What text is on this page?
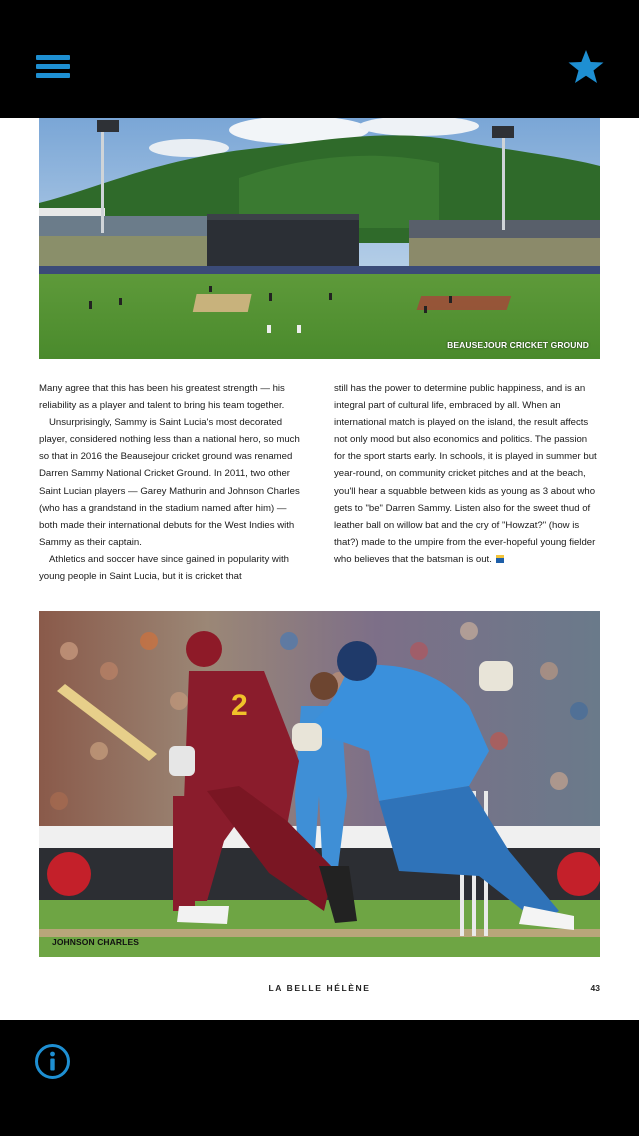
BEAUSEJOUR CRICKET GROUND

Many agree that this has been his greatest strength — his reliability as a player and talent to bring his team together.

Unsurprisingly, Sammy is Saint Lucia's most decorated player, considered nothing less than a national hero, so much so that in 2016 the Beausejour cricket ground was renamed Darren Sammy National Cricket Ground. In 2011, two other Saint Lucian players — Garey Mathurin and Johnson Charles (who has a grandstand in the stadium named after him) — both made their international debuts for the West Indies with Sammy as their captain.

Athletics and soccer have since gained in popularity with young people in Saint Lucia, but it is cricket that

still has the power to determine public happiness, and is an integral part of cultural life, embraced by all. When an international match is played on the island, the result affects not only mood but also economics and politics. The passion for the sport starts early. In schools, it is played in summer but year-round, on community cricket pitches and at the beach, you'll hear a squabble between kids as young as 3 about who gets to "be" Darren Sammy. Listen also for the sweet thud of leather ball on willow bat and the cry of "Howzat?" (how is that?) made to the umpire from the ever-hopeful young fielder who believes that the batsman is out.

2
JOHNSON CHARLES
LA BELLE HÉLÈNE	43
